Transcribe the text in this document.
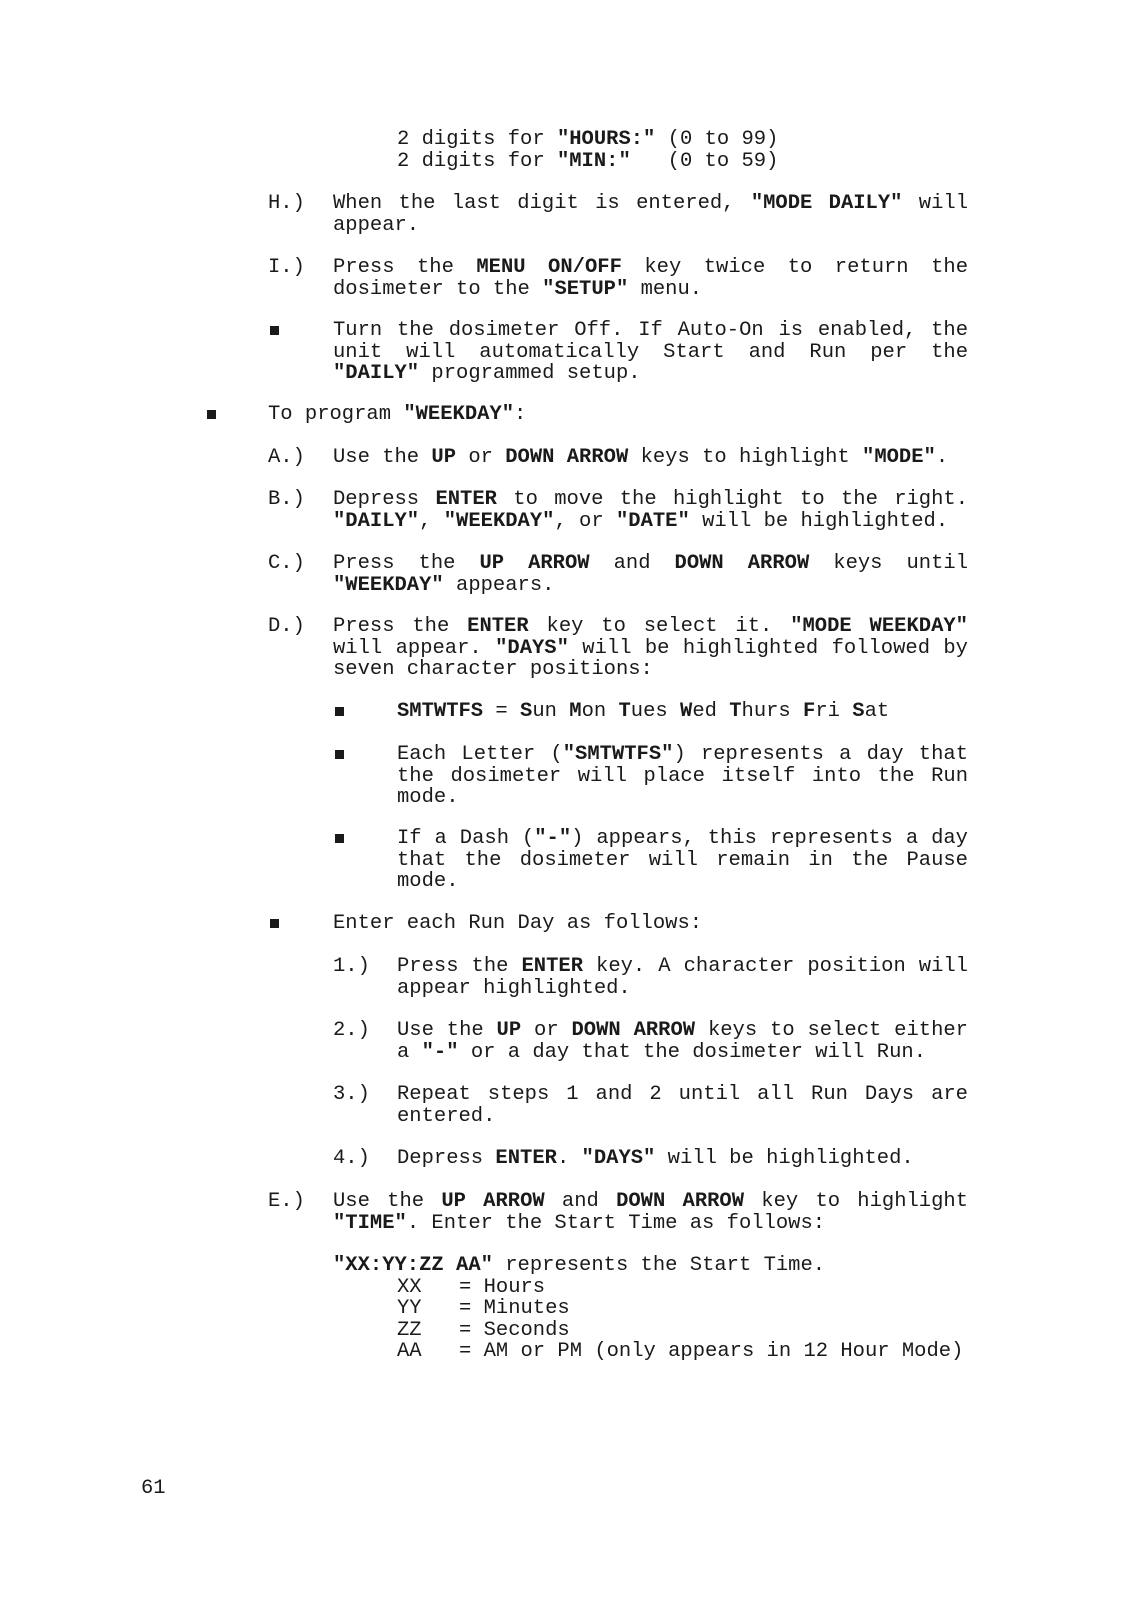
2 digits for "HOURS:" (0 to 99)
2 digits for "MIN:"   (0 to 59)
H.) When the last digit is entered, "MODE DAILY" will appear.
I.) Press the MENU ON/OFF key twice to return the dosimeter to the "SETUP" menu.
Turn the dosimeter Off. If Auto-On is enabled, the unit will automatically Start and Run per the "DAILY" programmed setup.
To program "WEEKDAY":
A.) Use the UP or DOWN ARROW keys to highlight "MODE".
B.) Depress ENTER to move the highlight to the right. "DAILY", "WEEKDAY", or "DATE" will be highlighted.
C.) Press the UP ARROW and DOWN ARROW keys until "WEEKDAY" appears.
D.) Press the ENTER key to select it. "MODE WEEKDAY" will appear. "DAYS" will be highlighted followed by seven character positions:
SMTWTFS = Sun Mon Tues Wed Thurs Fri Sat
Each Letter ("SMTWTFS") represents a day that the dosimeter will place itself into the Run mode.
If a Dash ("-") appears, this represents a day that the dosimeter will remain in the Pause mode.
Enter each Run Day as follows:
1.) Press the ENTER key. A character position will appear highlighted.
2.) Use the UP or DOWN ARROW keys to select either a "-" or a day that the dosimeter will Run.
3.) Repeat steps 1 and 2 until all Run Days are entered.
4.) Depress ENTER. "DAYS" will be highlighted.
E.) Use the UP ARROW and DOWN ARROW key to highlight "TIME". Enter the Start Time as follows:
"XX:YY:ZZ AA" represents the Start Time.
XX = Hours
YY = Minutes
ZZ = Seconds
AA = AM or PM (only appears in 12 Hour Mode)
61
